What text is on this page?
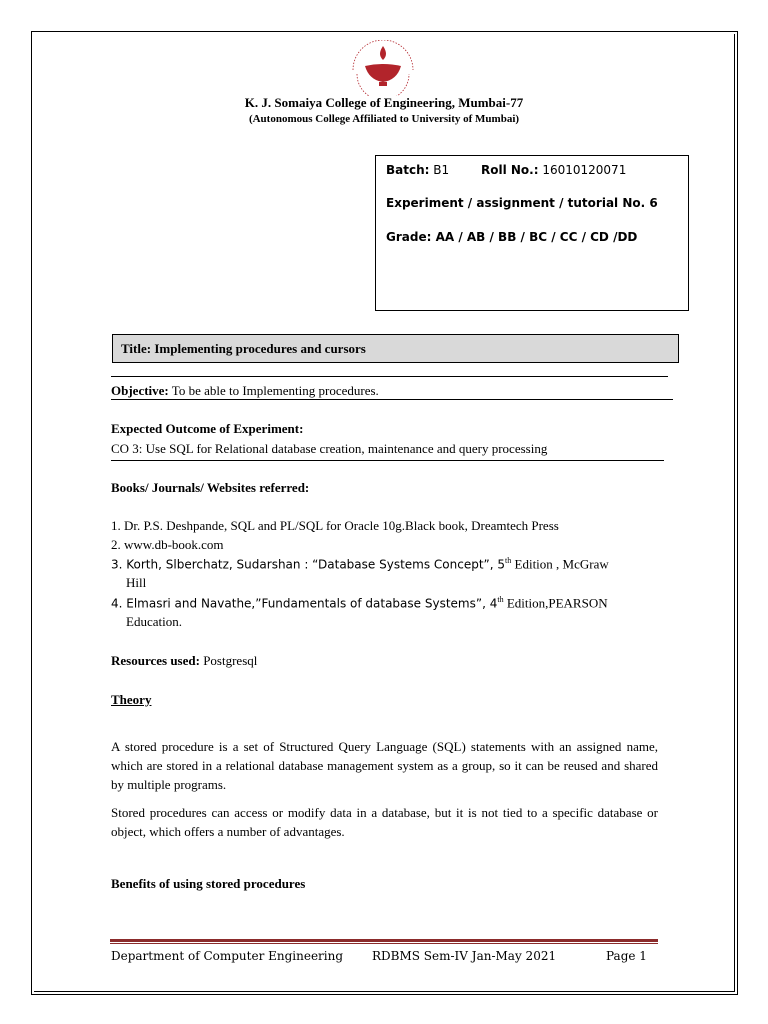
K. J. Somaiya College of Engineering, Mumbai-77
(Autonomous College Affiliated to University of Mumbai)
Batch: B1	Roll No.: 16010120071
Experiment / assignment / tutorial No. 6
Grade: AA / AB / BB / BC / CC / CD /DD
Title: Implementing procedures and cursors
Objective: To be able to Implementing procedures.
Expected Outcome of Experiment:
CO 3: Use SQL for Relational database creation, maintenance and query processing
Books/ Journals/ Websites referred:
1. Dr. P.S. Deshpande, SQL and PL/SQL for Oracle 10g.Black book, Dreamtech Press
2. www.db-book.com
3. Korth, Slberchatz, Sudarshan : “Database Systems Concept”, 5th Edition , McGraw
Hill
4. Elmasri and Navathe,”Fundamentals of database Systems”, 4th Edition,PEARSON
Education.
Resources used: Postgresql
Theory
A stored procedure is a set of Structured Query Language (SQL) statements with an assigned name, which are stored in a relational database management system as a group, so it can be reused and shared by multiple programs.
Stored procedures can access or modify data in a database, but it is not tied to a specific database or object, which offers a number of advantages.
Benefits of using stored procedures
Department of Computer Engineering RDBMS Sem-IV Jan-May 2021	Page 1
